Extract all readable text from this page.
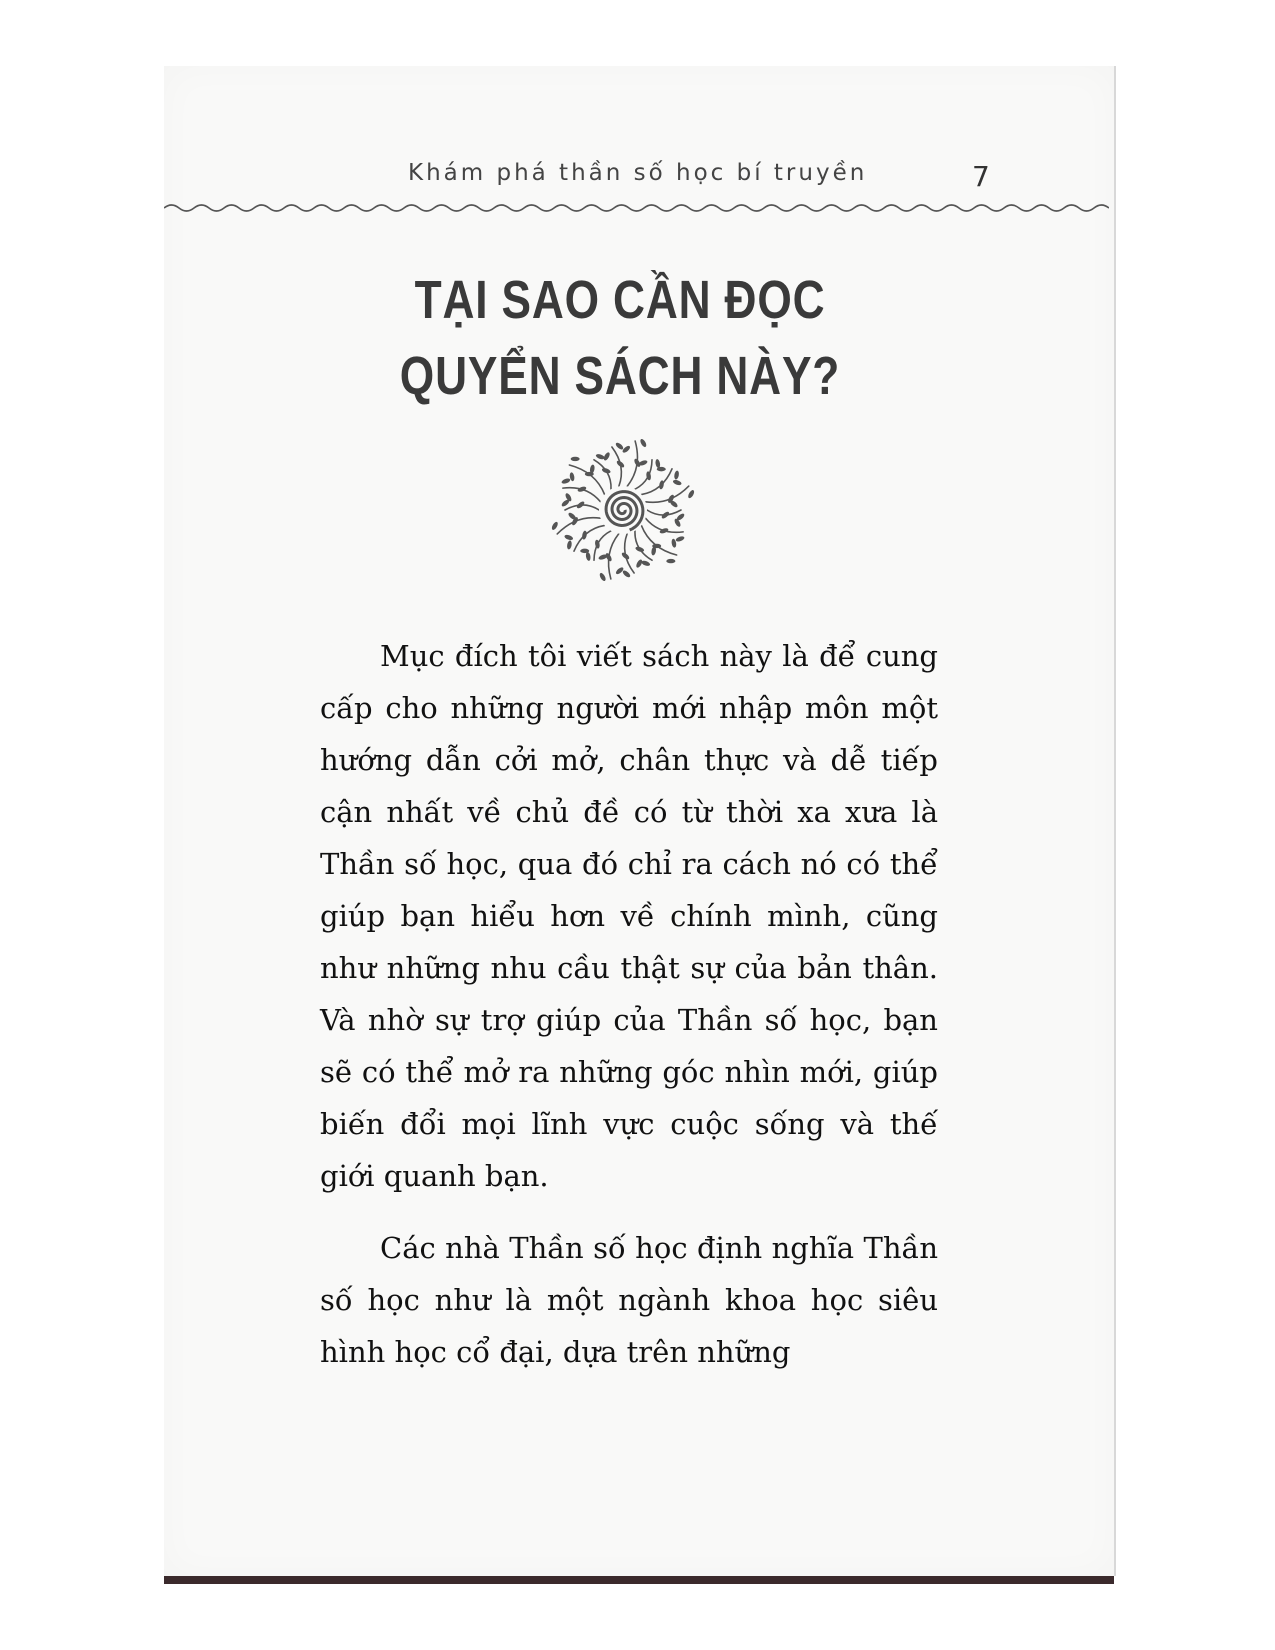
Khám phá thần số học bí truyền	7
TẠI SAO CẦN ĐỌC
QUYỂN SÁCH NÀY?

Mục đích tôi viết sách này là để cung cấp cho những người mới nhập môn một hướng dẫn cởi mở, chân thực và dễ tiếp cận nhất về chủ đề có từ thời xa xưa là Thần số học, qua đó chỉ ra cách nó có thể giúp bạn hiểu hơn về chính mình, cũng như những nhu cầu thật sự của bản thân. Và nhờ sự trợ giúp của Thần số học, bạn sẽ có thể mở ra những góc nhìn mới, giúp biến đổi mọi lĩnh vực cuộc sống và thế giới quanh bạn.

Các nhà Thần số học định nghĩa Thần số học như là một ngành khoa học siêu hình học cổ đại, dựa trên những
